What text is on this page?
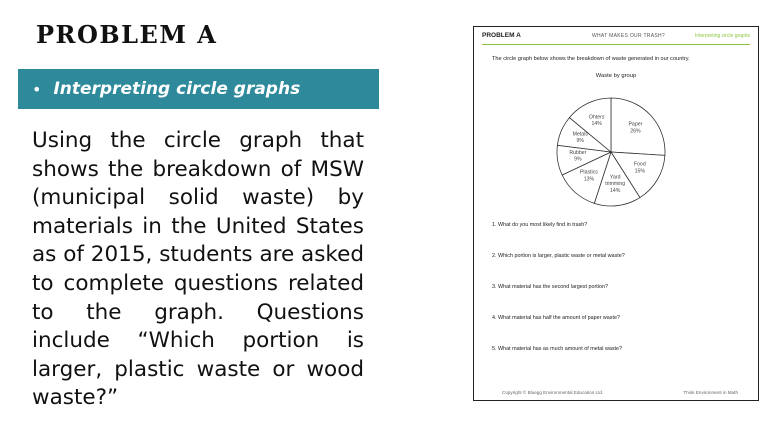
PROBLEM A
• Interpreting circle graphs
Using the circle graph that shows the breakdown of MSW (municipal solid waste) by materials in the United States as of 2015, students are asked to complete questions related to the graph. Questions include “Which portion is larger, plastic waste or wood waste?”
PROBLEM A	WHAT MAKES OUR TRASH?	Interpreting circle graphs
The circle graph below shows the breakdown of waste generated in our country.
Waste by group
Paper
26%
Food
15%
Yard
trimming
14%
Plastics
13%
Rubber
9%
Metals
9%
Ohters
14%
1. What do you most likely find in trash?
2. Which portion is larger, plastic waste or metal waste?
3. What material has the second largest portion?
4. What material has half the amount of paper waste?
5. What material has as much amount of metal waste?
Copyright © Bluegg Environmental Education Ltd.	Think Environment in Math
